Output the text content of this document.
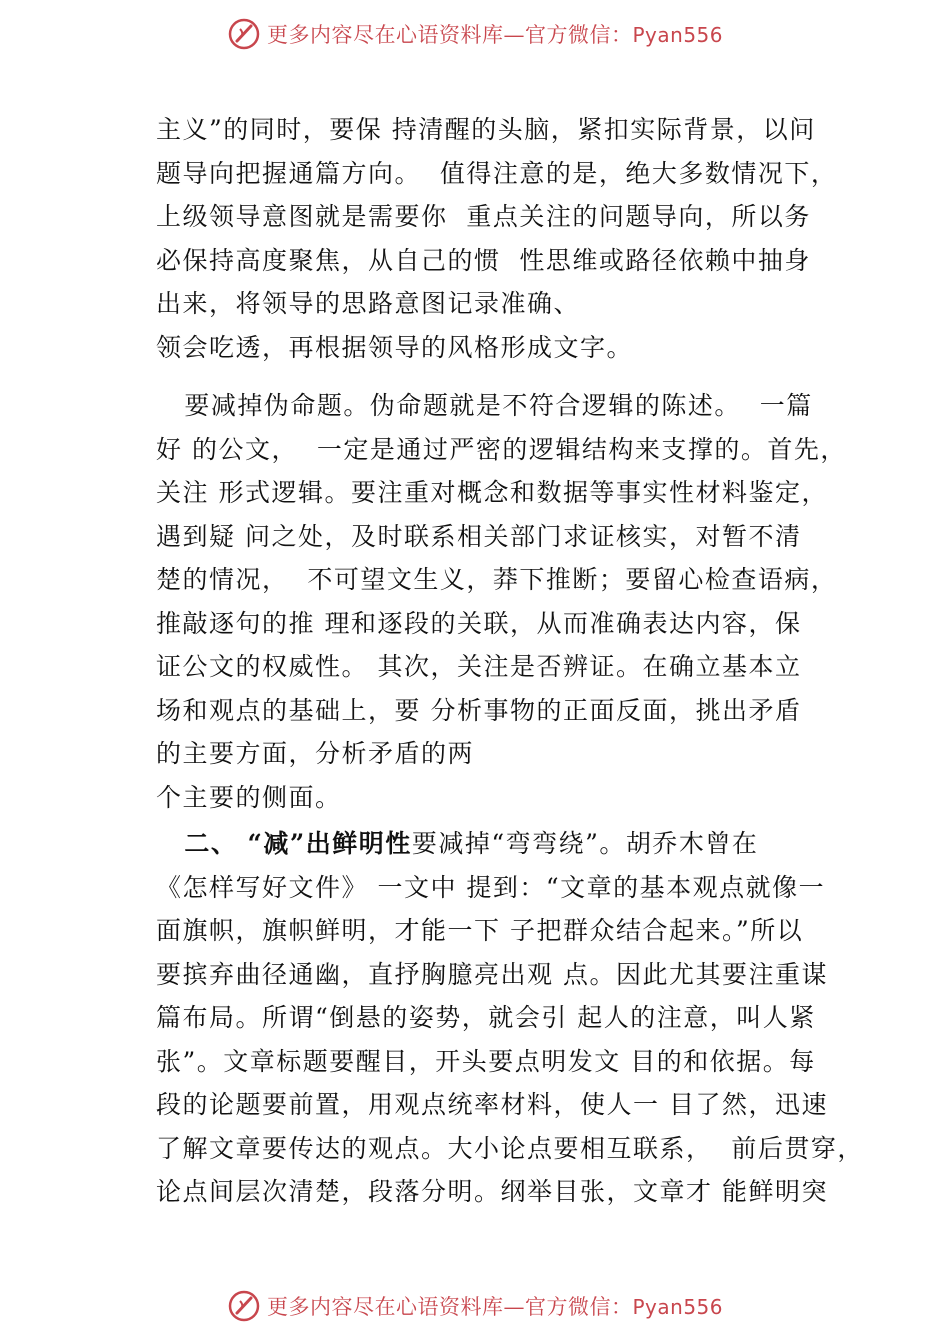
更多内容尽在心语资料库—官方微信：Pyan556
主义”的同时，要保 持清醒的头脑，紧扣实际背景，以问
题导向把握通篇方向。  值得注意的是，绝大多数情况下，
上级领导意图就是需要你  重点关注的问题导向，所以务
必保持高度聚焦，从自己的惯  性思维或路径依赖中抽身
出来，将领导的思路意图记录准确、
领会吃透，再根据领导的风格形成文字。
要减掉伪命题。伪命题就是不符合逻辑的陈述。  一篇
好 的公文，  一定是通过严密的逻辑结构来支撑的。首先，
关注 形式逻辑。要注重对概念和数据等事实性材料鉴定，
遇到疑 问之处，及时联系相关部门求证核实，对暂不清
楚的情况，  不可望文生义，莽下推断；要留心检查语病，
推敲逐句的推 理和逐段的关联，从而准确表达内容，保
证公文的权威性。 其次，关注是否辨证。在确立基本立
场和观点的基础上，要 分析事物的正面反面，挑出矛盾
的主要方面，分析矛盾的两
个主要的侧面。
二、 “减”出鲜明性要减掉“弯弯绕”。胡乔木曾在
《怎样写好文件》 一文中 提到：“文章的基本观点就像一
面旗帜，旗帜鲜明，才能一下 子把群众结合起来。”所以
要摈弃曲径通幽，直抒胸臆亮出观 点。因此尤其要注重谋
篇布局。所谓“倒悬的姿势，就会引 起人的注意，叫人紧
张”。文章标题要醒目，开头要点明发文 目的和依据。每
段的论题要前置，用观点统率材料，使人一 目了然，迅速
了解文章要传达的观点。大小论点要相互联系，  前后贯穿，
论点间层次清楚，段落分明。纲举目张，文章才 能鲜明突
更多内容尽在心语资料库—官方微信：Pyan556
